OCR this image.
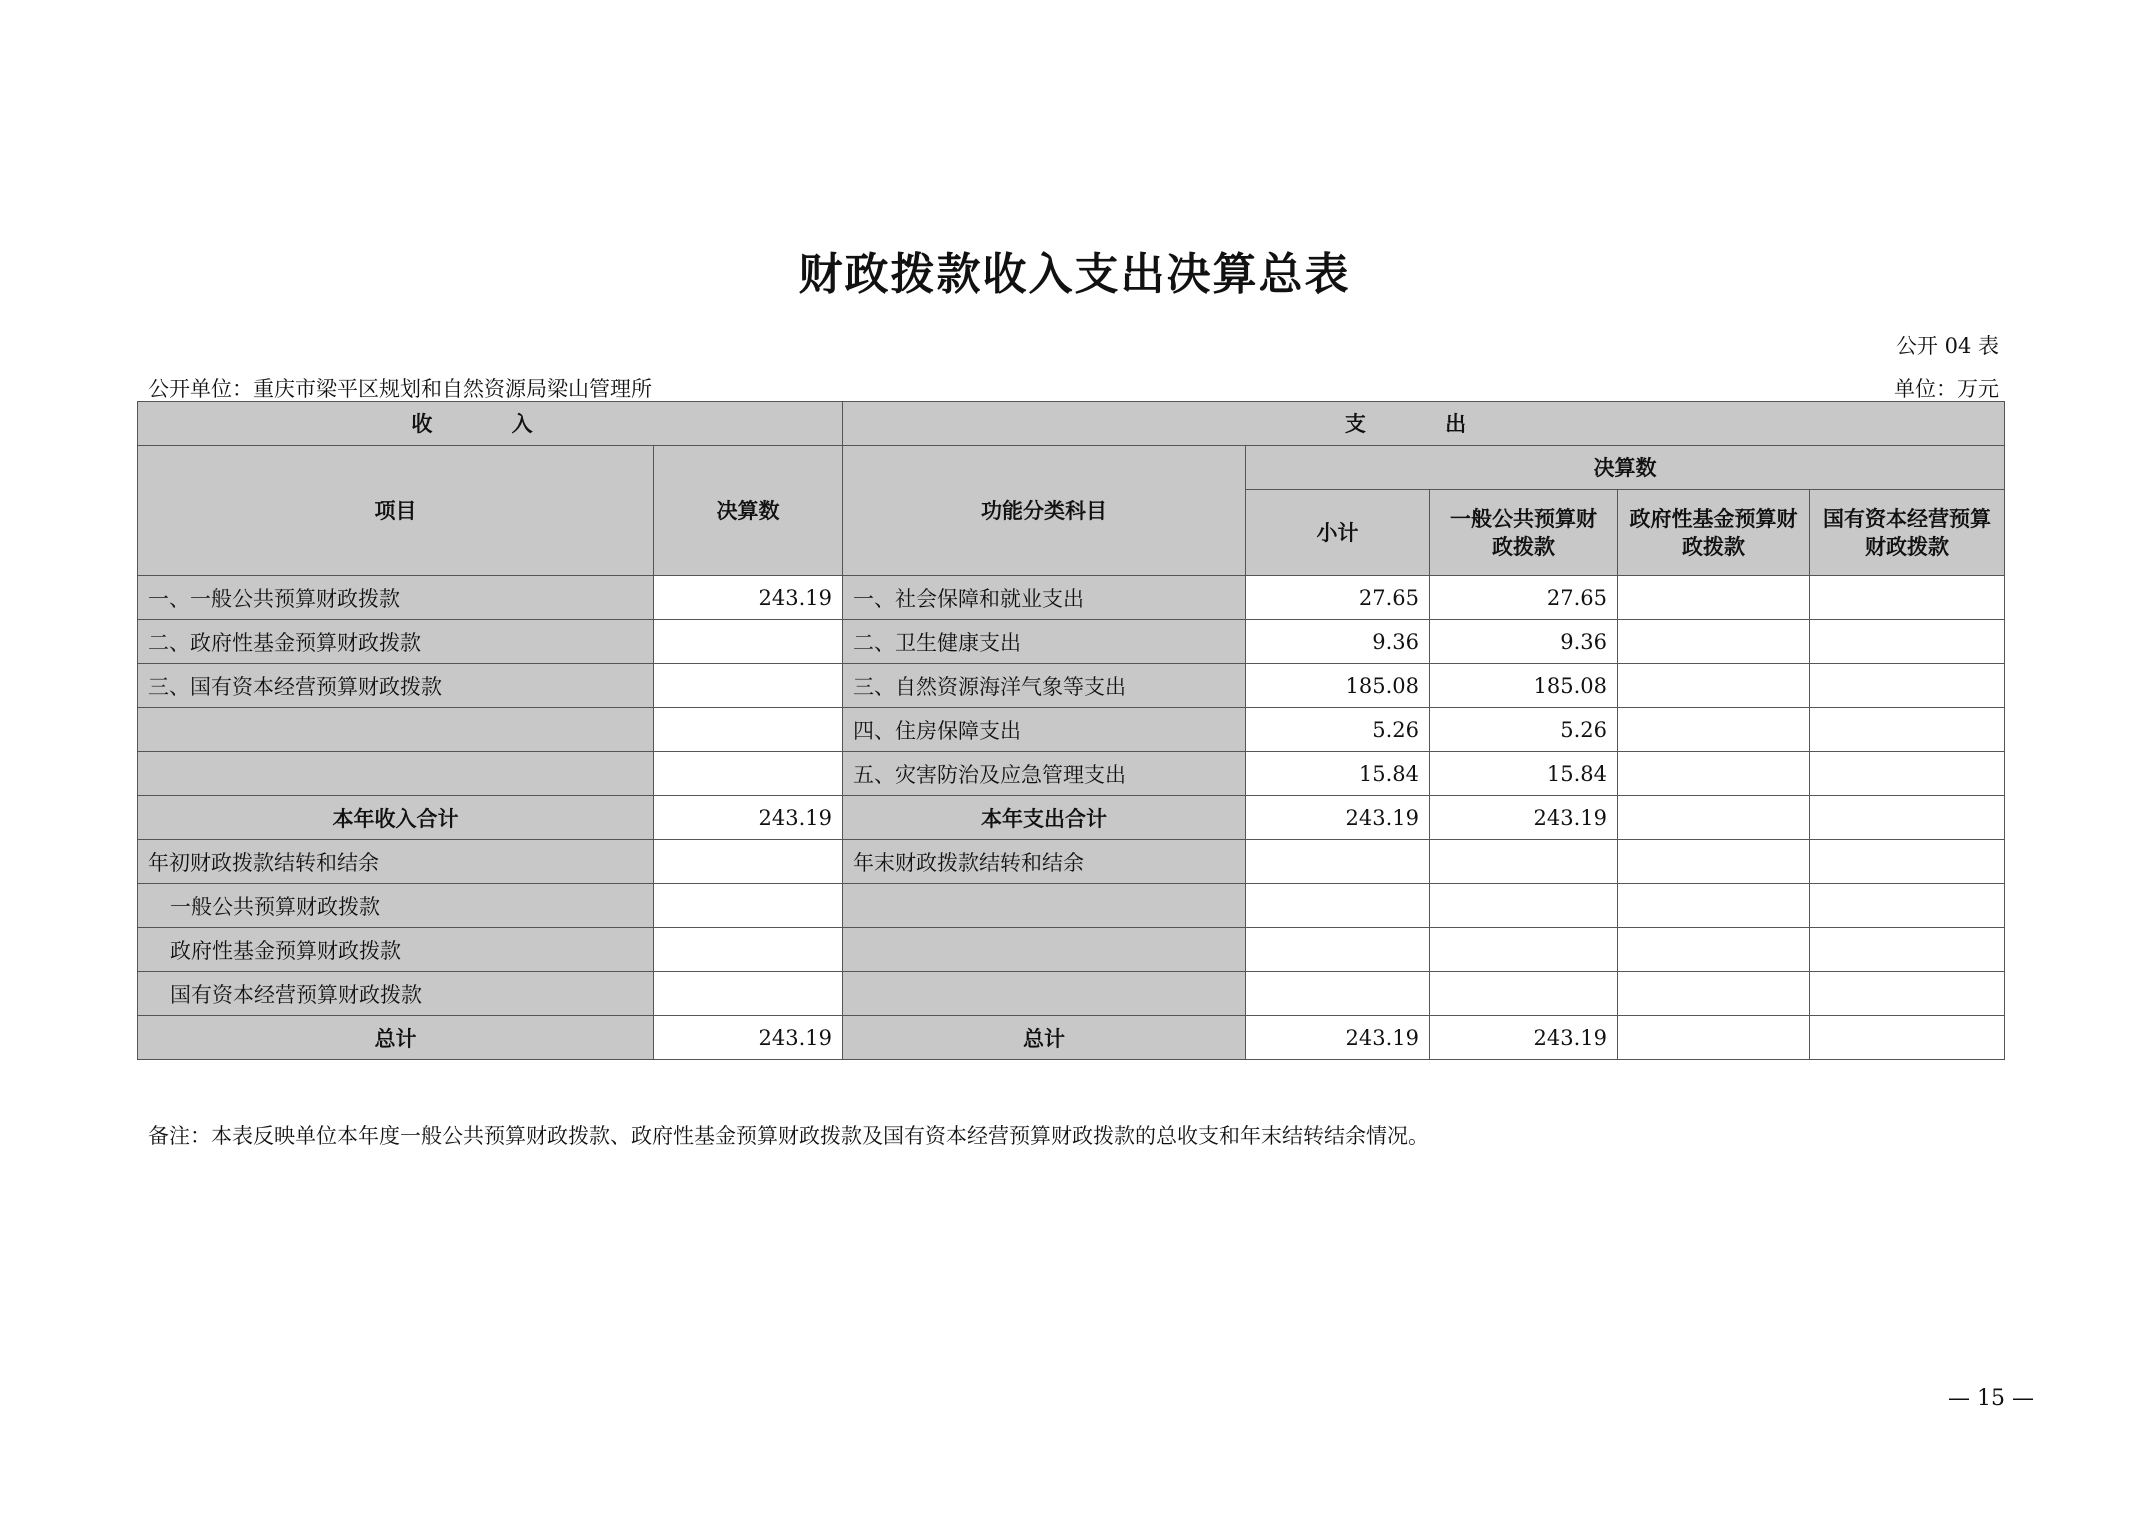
财政拨款收入支出决算总表
公开 04 表
公开单位：重庆市梁平区规划和自然资源局梁山管理所	单位：万元
收 入		支 出				
项目	决算数	功能分类科目	决算数			
			小计	一般公共预算财政拨款	政府性基金预算财政拨款	国有资本经营预算财政拨款
一、一般公共预算财政拨款	243.19	一、社会保障和就业支出	27.65	27.65		
二、政府性基金预算财政拨款		二、卫生健康支出	9.36	9.36		
三、国有资本经营预算财政拨款		三、自然资源海洋气象等支出	185.08	185.08		
		四、住房保障支出	5.26	5.26		
		五、灾害防治及应急管理支出	15.84	15.84		
本年收入合计	243.19	本年支出合计	243.19	243.19		
年初财政拨款结转和结余		年末财政拨款结转和结余				
一般公共预算财政拨款						
政府性基金预算财政拨款						
国有资本经营预算财政拨款						
总计	243.19	总计	243.19	243.19		
备注：本表反映单位本年度一般公共预算财政拨款、政府性基金预算财政拨款及国有资本经营预算财政拨款的总收支和年末结转结余情况。
— 15 —
